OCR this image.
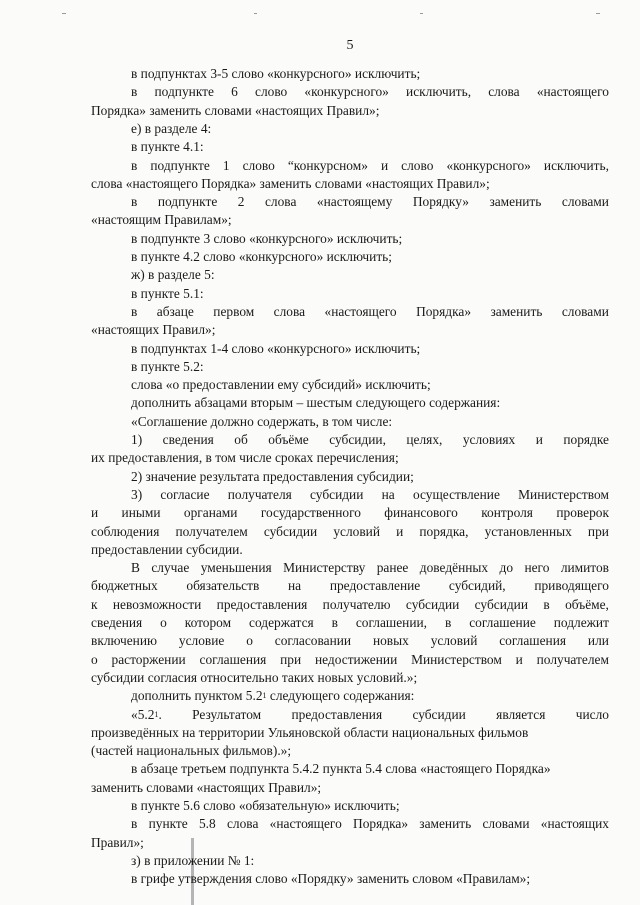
5
в подпунктах 3-5 слово «конкурсного» исключить;
в подпункте 6 слово «конкурсного» исключить, слова «настоящего
Порядка» заменить словами «настоящих Правил»;
е) в разделе 4:
в пункте 4.1:
в подпункте 1 слово “конкурсном» и слово «конкурсного» исключить,
слова «настоящего Порядка» заменить словами «настоящих Правил»;
в подпункте 2 слова «настоящему Порядку» заменить словами
«настоящим Правилам»;
в подпункте 3 слово «конкурсного» исключить;
в пункте 4.2 слово «конкурсного» исключить;
ж) в разделе 5:
в пункте 5.1:
в абзаце первом слова «настоящего Порядка» заменить словами
«настоящих Правил»;
в подпунктах 1-4 слово «конкурсного» исключить;
в пункте 5.2:
слова «о предоставлении ему субсидий» исключить;
дополнить абзацами вторым – шестым следующего содержания:
«Соглашение должно содержать, в том числе:
1) сведения об объёме субсидии, целях, условиях и порядке
их предоставления, в том числе сроках перечисления;
2) значение результата предоставления субсидии;
3) согласие получателя субсидии на осуществление Министерством
и иными органами государственного финансового контроля проверок
соблюдения получателем субсидии условий и порядка, установленных при
предоставлении субсидии.
В случае уменьшения Министерству ранее доведённых до него лимитов
бюджетных обязательств на предоставление субсидий, приводящего
к невозможности предоставления получателю субсидии субсидии в объёме,
сведения о котором содержатся в соглашении, в соглашение подлежит
включению условие о согласовании новых условий соглашения или
о расторжении соглашения при недостижении Министерством и получателем
субсидии согласия относительно таких новых условий.»;
дополнить пунктом $5.2^1$ следующего содержания:
«$5.2^1$. Результатом предоставления субсидии является число
произведённых на территории Ульяновской области национальных фильмов
(частей национальных фильмов).»;
в абзаце третьем подпункта 5.4.2 пункта 5.4 слова «настоящего Порядка»
заменить словами «настоящих Правил»;
в пункте 5.6 слово «обязательную» исключить;
в пункте 5.8 слова «настоящего Порядка» заменить словами «настоящих
Правил»;
з) в приложении № 1:
в грифе утверждения слово «Порядку» заменить словом «Правилам»;
